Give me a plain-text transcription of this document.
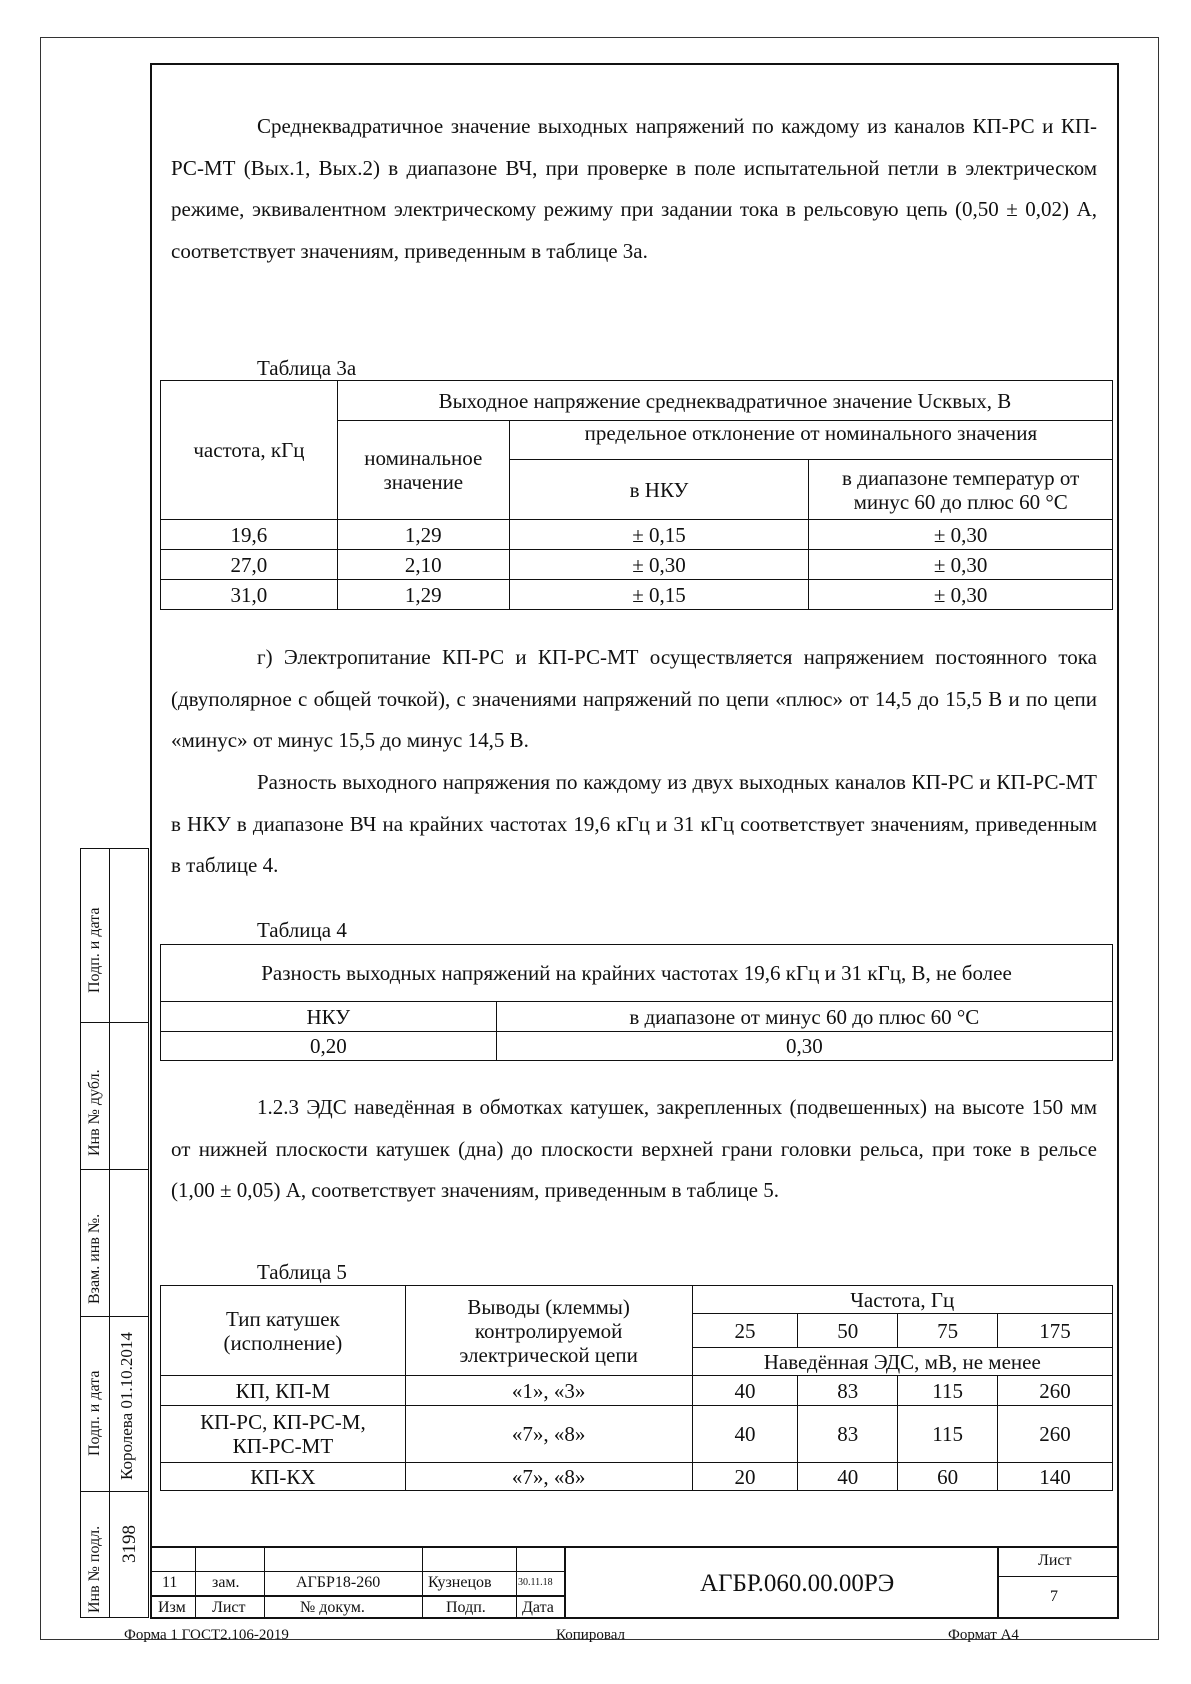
Среднеквадратичное значение выходных напряжений по каждому из каналов КП-РС и КП-РС-МТ (Вых.1, Вых.2) в диапазоне ВЧ, при проверке в поле испытательной петли в электрическом режиме, эквивалентном электрическому режиму при задании тока в рельсовую цепь (0,50 ± 0,02) А, соответствует значениям, приведенным в таблице 3а.

Таблица 3а
частота, кГц	Выходное напряжение среднеквадратичное значение Uсквых, В		
	номинальное значение	предельное отклонение от номинального значения	
		в НКУ	в диапазоне температур от минус 60 до плюс 60 °С
19,6	1,29	± 0,15	± 0,30
27,0	2,10	± 0,30	± 0,30
31,0	1,29	± 0,15	± 0,30

г) Электропитание КП-РС и КП-РС-МТ осуществляется напряжением постоянного тока (двуполярное с общей точкой), с значениями напряжений по цепи «плюс» от 14,5 до 15,5 В и по цепи «минус» от минус 15,5 до минус 14,5 В.

Разность выходного напряжения по каждому из двух выходных каналов КП-РС и КП-РС-МТ в НКУ в диапазоне ВЧ на крайних частотах 19,6 кГц и 31 кГц соответствует значениям, приведенным в таблице 4.

Таблица 4
Разность выходных напряжений на крайних частотах 19,6 кГц и 31 кГц, В, не более	
НКУ	в диапазоне от минус 60 до плюс 60 °С
0,20	0,30

1.2.3 ЭДС наведённая в обмотках катушек, закрепленных (подвешенных) на высоте 150 мм от нижней плоскости катушек (дна) до плоскости верхней грани головки рельса, при токе в рельсе (1,00 ± 0,05) А, соответствует значениям, приведенным в таблице 5.

Таблица 5
Тип катушек (исполнение)	Выводы (клеммы) контролируемой электрической цепи	Частота, Гц			
		25	50	75	175
		Наведённая ЭДС, мВ, не менее			
КП, КП-М	«1», «3»	40	83	115	260
КП-РС, КП-РС-М, КП-РС-МТ	«7», «8»	40	83	115	260
КП-КХ	«7», «8»	20	40	60	140
Подп. и дата
Инв № дубл.
Взам. инв №.
Подп. и дата Королева 01.10.2014
Инв № подл. 3198
11 зам.	АГБР18-260	Кузнецов	30.11.18
Изм Лист	№ докум.	Подп. Дата
Лист
7
АГБР.060.00.00РЭ
Форма 1 ГОСТ2.106-2019	Копировал	Формат А4
